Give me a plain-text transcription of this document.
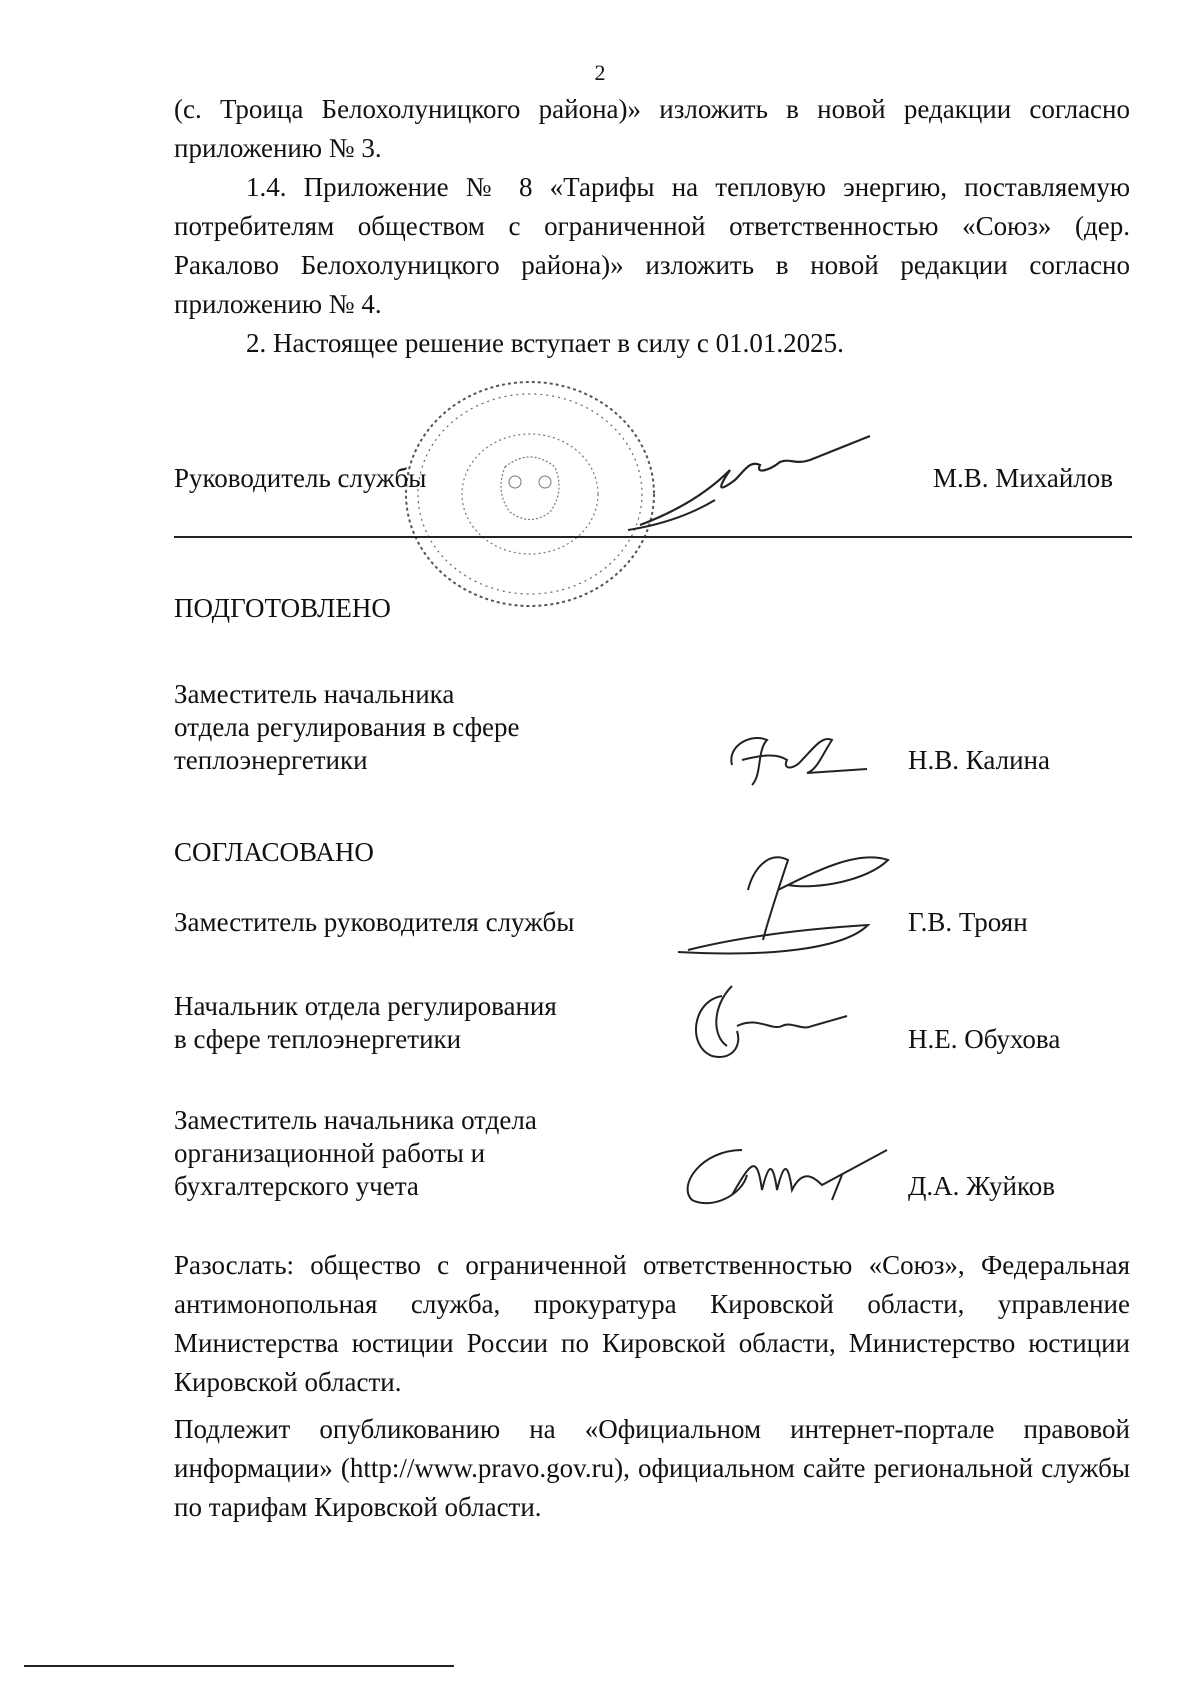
2
(с. Троица Белохолуницкого района)» изложить в новой редакции согласно приложению № 3.
1.4. Приложение № 8 «Тарифы на тепловую энергию, поставляемую потребителям обществом с ограниченной ответственностью «Союз» (дер. Ракалово Белохолуницкого района)» изложить в новой редакции согласно приложению № 4.
2. Настоящее решение вступает в силу с 01.01.2025.
Руководитель службы	М.В. Михайлов
ПОДГОТОВЛЕНО
Заместитель начальника
отдела регулирования в сфере
теплоэнергетики	Н.В. Калина
СОГЛАСОВАНО
Заместитель руководителя службы	Г.В. Троян
Начальник отдела регулирования
в сфере теплоэнергетики	Н.Е. Обухова
Заместитель начальника отдела
организационной работы и
бухгалтерского учета	Д.А. Жуйков
Разослать: общество с ограниченной ответственностью «Союз», Федеральная антимонопольная служба, прокуратура Кировской области, управление Министерства юстиции России по Кировской области, Министерство юстиции Кировской области.
Подлежит опубликованию на «Официальном интернет-портале правовой информации» (http://www.pravo.gov.ru), официальном сайте региональной службы по тарифам Кировской области.
